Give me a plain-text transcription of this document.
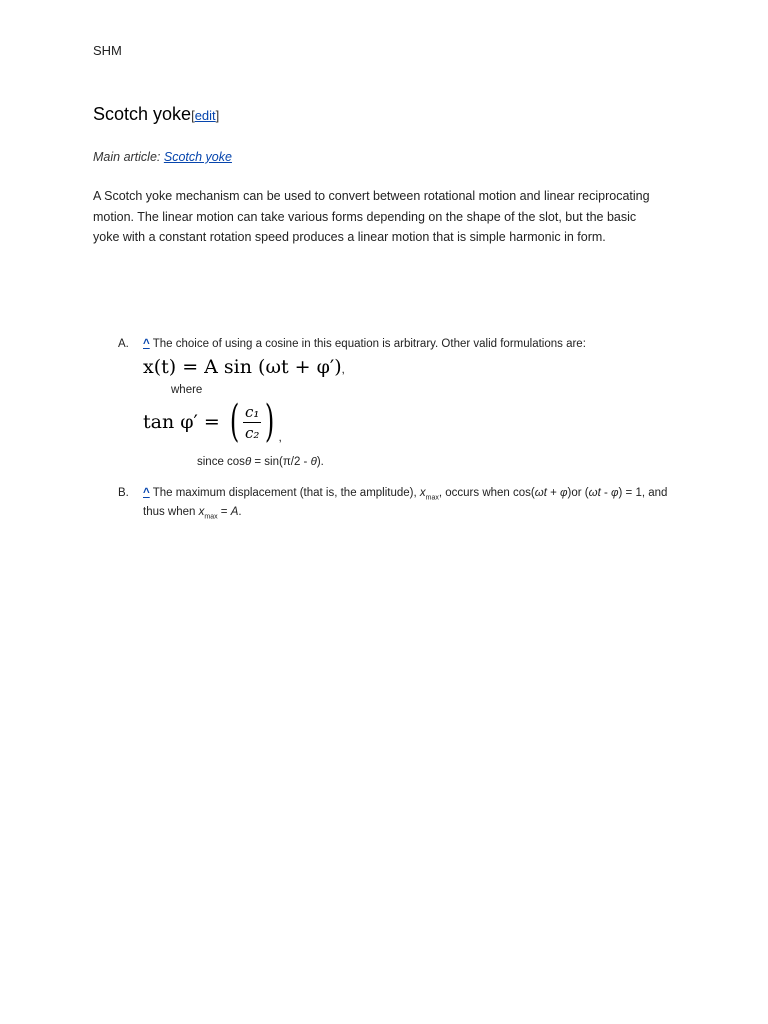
SHM
Scotch yoke[edit]
Main article: Scotch yoke
A Scotch yoke mechanism can be used to convert between rotational motion and linear reciprocating motion. The linear motion can take various forms depending on the shape of the slot, but the basic yoke with a constant rotation speed produces a linear motion that is simple harmonic in form.
A. ^ The choice of using a cosine in this equation is arbitrary. Other valid formulations are:
x(t) = A sin (ωt + φ′),
where
tan φ′ = ( $\frac{\text{c₁}}{\text{c₂}}$ ) ,
since cosθ = sin(π/2 - θ).
B. ^ The maximum displacement (that is, the amplitude), $x_{max}$, occurs when cos(ωt + φ)or (ωt - φ) = 1, and thus when $x_{max} = A$.
